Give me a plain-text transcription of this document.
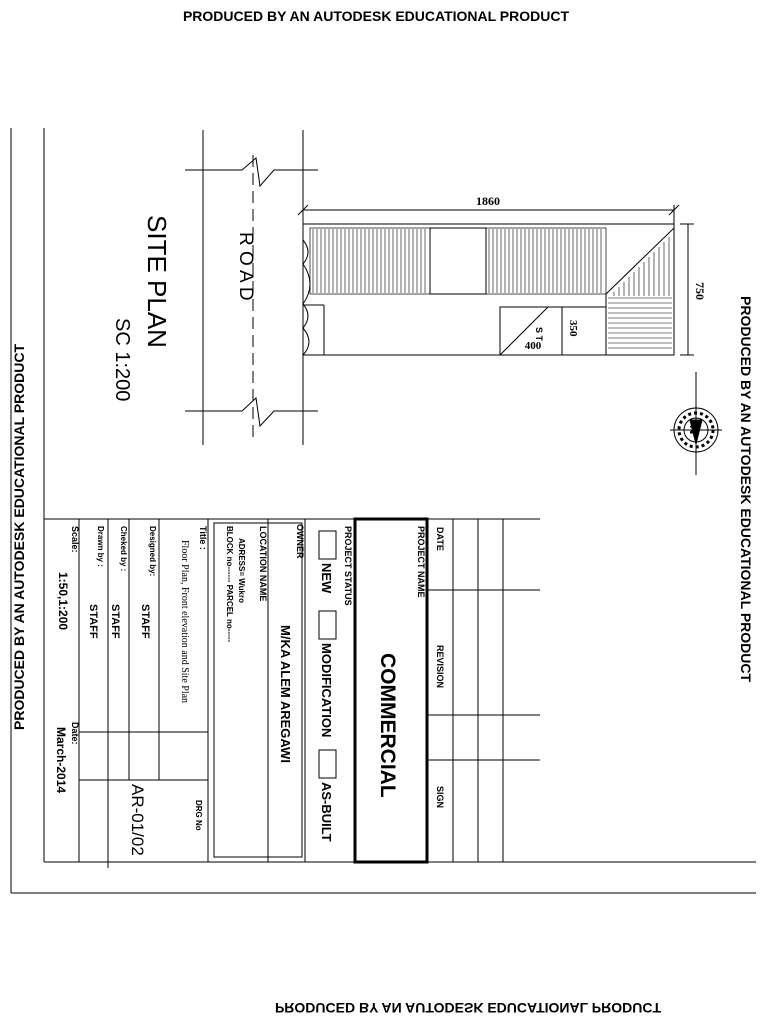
PRODUCED BY AN AUTODESK EDUCATIONAL PRODUCT
PRODUCED BY AN AUTODESK EDUCATIONAL PRODUCT
PRODUCED BY AN AUTODESK EDUCATIONAL PRODUCT	PRODUCED BY AN AUTODESK EDUCATIONAL PRODUCT
SITE PLAN
SC 1:200
R O A D
1860
750
350
400
S T
N
DATE
REVISION
SIGN
PROJECT NAME
COMMERCIAL
PROJECT STATUS
NEW
MODIFICATION
AS-BUILT
OWNER
M/KA ALEM AREGAWI
LOCATION NAME
ADRESS= Wukro
BLOCK no------ PARCEL no-----
Title :
Floor Plan, Front elevation and Site Plan
DRG No
AR-01/02
Designed by:
STAFF
Cheked by :
STAFF
Drawn by :
STAFF
Scale:
1:50,1:200
Date:
March-2014
